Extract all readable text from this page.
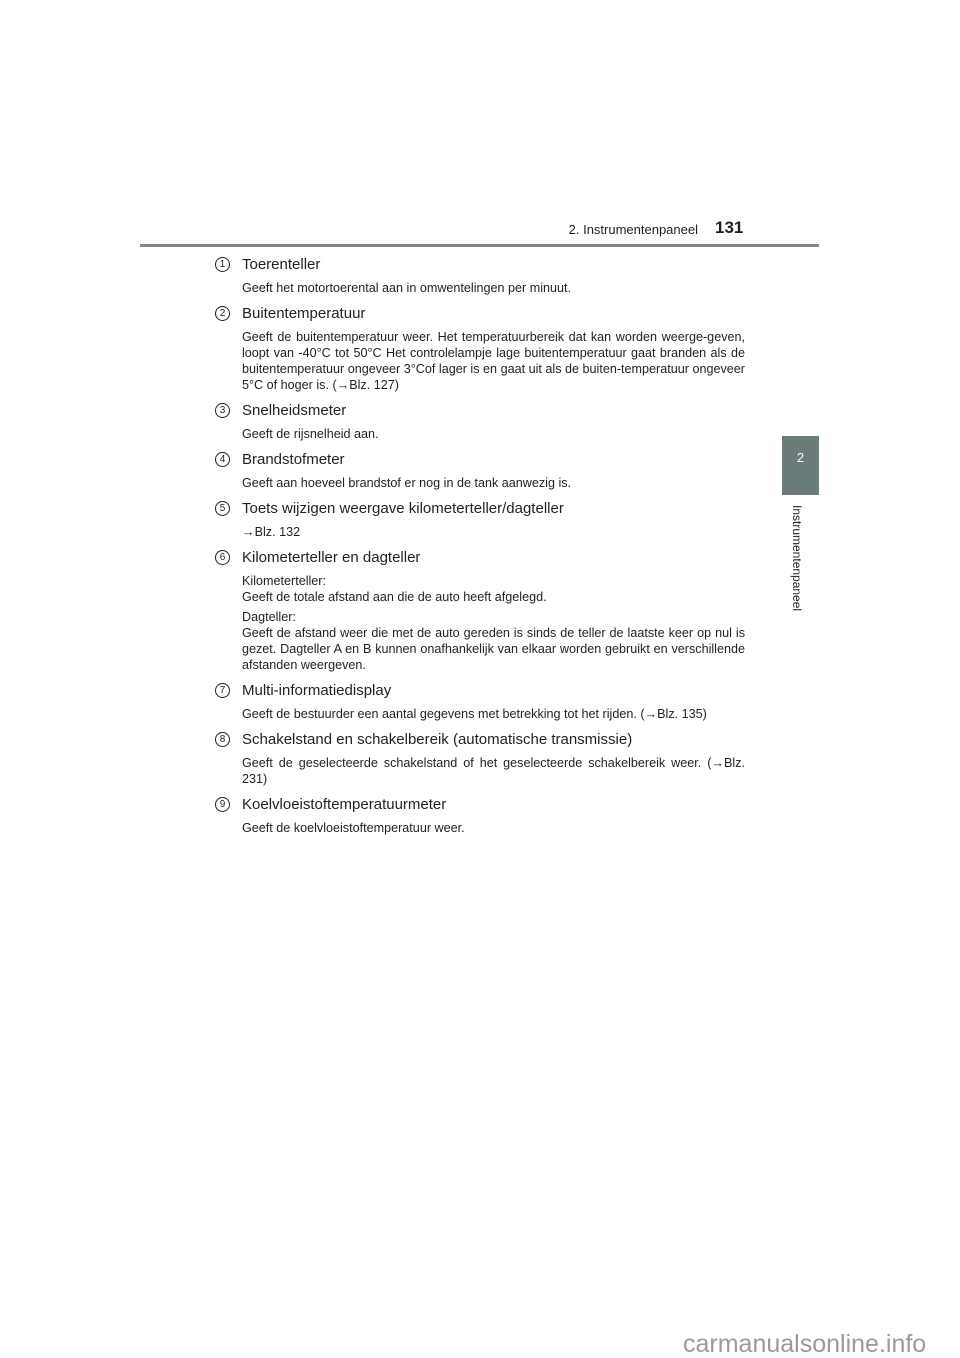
2. Instrumentenpaneel 131
2
Instrumentenpaneel
1	Toerenteller

Geeft het motortoerental aan in omwentelingen per minuut.

2	Buitentemperatuur

Geeft de buitentemperatuur weer. Het temperatuurbereik dat kan worden weerge-geven, loopt van -40°C tot 50°C Het controlelampje lage buitentemperatuur gaat branden als de buitentemperatuur ongeveer 3°Cof lager is en gaat uit als de buiten-temperatuur ongeveer 5°C of hoger is. (→Blz. 127)

3	Snelheidsmeter

Geeft de rijsnelheid aan.

4	Brandstofmeter

Geeft aan hoeveel brandstof er nog in de tank aanwezig is.

5	Toets wijzigen weergave kilometerteller/dagteller

→Blz. 132

6	Kilometerteller en dagteller

Kilometerteller:
Geeft de totale afstand aan die de auto heeft afgelegd.

Dagteller:
Geeft de afstand weer die met de auto gereden is sinds de teller de laatste keer op nul is gezet. Dagteller A en B kunnen onafhankelijk van elkaar worden gebruikt en verschillende afstanden weergeven.

7	Multi-informatiedisplay

Geeft de bestuurder een aantal gegevens met betrekking tot het rijden. (→Blz. 135)

8	Schakelstand en schakelbereik (automatische transmissie)

Geeft de geselecteerde schakelstand of het geselecteerde schakelbereik weer. (→Blz. 231)

9	Koelvloeistoftemperatuurmeter

Geeft de koelvloeistoftemperatuur weer.

carmanualsonline.info
